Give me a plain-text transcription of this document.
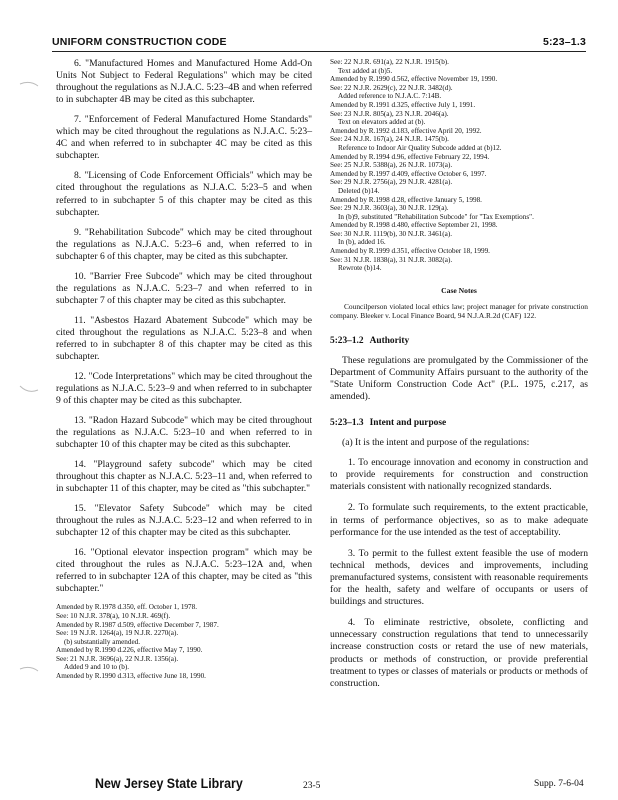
UNIFORM CONSTRUCTION CODE	5:23–1.3

6. "Manufactured Homes and Manufactured Home Add-On Units Not Subject to Federal Regulations" which may be cited throughout the regulations as N.J.A.C. 5:23–4B and when referred to in subchapter 4B may be cited as this subchapter.

7. "Enforcement of Federal Manufactured Home Standards" which may be cited throughout the regulations as N.J.A.C. 5:23–4C and when referred to in subchapter 4C may be cited as this subchapter.

8. "Licensing of Code Enforcement Officials" which may be cited throughout the regulations as N.J.A.C. 5:23–5 and when referred to in subchapter 5 of this chapter may be cited as this subchapter.

9. "Rehabilitation Subcode" which may be cited throughout the regulations as N.J.A.C. 5:23–6 and, when referred to in subchapter 6 of this chapter, may be cited as this subchapter.

10. "Barrier Free Subcode" which may be cited throughout the regulations as N.J.A.C. 5:23–7 and when referred to in subchapter 7 of this chapter may be cited as this subchapter.

11. "Asbestos Hazard Abatement Subcode" which may be cited throughout the regulations as N.J.A.C. 5:23–8 and when referred to in subchapter 8 of this chapter may be cited as this subchapter.

12. "Code Interpretations" which may be cited throughout the regulations as N.J.A.C. 5:23–9 and when referred to in subchapter 9 of this chapter may be cited as this subchapter.

13. "Radon Hazard Subcode" which may be cited throughout the regulations as N.J.A.C. 5:23–10 and when referred to in subchapter 10 of this chapter may be cited as this subchapter.

14. "Playground safety subcode" which may be cited throughout this chapter as N.J.A.C. 5:23–11 and, when referred to in subchapter 11 of this chapter, may be cited as "this subchapter."

15. "Elevator Safety Subcode" which may be cited throughout the rules as N.J.A.C. 5:23–12 and when referred to in subchapter 12 of this chapter may be cited as this subchapter.

16. "Optional elevator inspection program" which may be cited throughout the rules as N.J.A.C. 5:23–12A and, when referred to in subchapter 12A of this chapter, may be cited as "this subchapter."

Amended by R.1978 d.350, eff. October 1, 1978.
See: 10 N.J.R. 378(a), 10 N.J.R. 469(f).
Amended by R.1987 d.509, effective December 7, 1987.
See: 19 N.J.R. 1264(a), 19 N.J.R. 2270(a).
(b) substantially amended.
Amended by R.1990 d.226, effective May 7, 1990.
See: 21 N.J.R. 3696(a), 22 N.J.R. 1356(a).
Added 9 and 10 to (b).
Amended by R.1990 d.313, effective June 18, 1990.
See: 22 N.J.R. 691(a), 22 N.J.R. 1915(b).
Text added at (b)5.
Amended by R.1990 d.562, effective November 19, 1990.
See: 22 N.J.R. 2629(c), 22 N.J.R. 3482(d).
Added reference to N.J.A.C. 7:14B.
Amended by R.1991 d.325, effective July 1, 1991.
See: 23 N.J.R. 805(a), 23 N.J.R. 2046(a).
Text on elevators added at (b).
Amended by R.1992 d.183, effective April 20, 1992.
See: 24 N.J.R. 167(a), 24 N.J.R. 1475(b).
Reference to Indoor Air Quality Subcode added at (b)12.
Amended by R.1994 d.96, effective February 22, 1994.
See: 25 N.J.R. 5388(a), 26 N.J.R. 1073(a).
Amended by R.1997 d.409, effective October 6, 1997.
See: 29 N.J.R. 2756(a), 29 N.J.R. 4281(a).
Deleted (b)14.
Amended by R.1998 d.28, effective January 5, 1998.
See: 29 N.J.R. 3603(a), 30 N.J.R. 129(a).
In (b)9, substituted "Rehabilitation Subcode" for "Tax Exemptions".
Amended by R.1998 d.480, effective September 21, 1998.
See: 30 N.J.R. 1119(b), 30 N.J.R. 3461(a).
In (b), added 16.
Amended by R.1999 d.351, effective October 18, 1999.
See: 31 N.J.R. 1838(a), 31 N.J.R. 3082(a).
Rewrote (b)14.
Case Notes

Councilperson violated local ethics law; project manager for private construction company. Bleeker v. Local Finance Board, 94 N.J.A.R.2d (CAF) 122.

5:23–1.2 Authority

These regulations are promulgated by the Commissioner of the Department of Community Affairs pursuant to the authority of the "State Uniform Construction Code Act" (P.L. 1975, c.217, as amended).

5:23–1.3 Intent and purpose

(a) It is the intent and purpose of the regulations:

1. To encourage innovation and economy in construction and to provide requirements for construction and construction materials consistent with nationally recognized standards.

2. To formulate such requirements, to the extent practicable, in terms of performance objectives, so as to make adequate performance for the use intended as the test of acceptability.

3. To permit to the fullest extent feasible the use of modern technical methods, devices and improvements, including premanufactured systems, consistent with reasonable requirements for the health, safety and welfare of occupants or users of buildings and structures.

4. To eliminate restrictive, obsolete, conflicting and unnecessary construction regulations that tend to unnecessarily increase construction costs or retard the use of new materials, products or methods of construction, or provide preferential treatment to types or classes of materials or products or methods of construction.

New Jersey State Library	23-5	Supp. 7-6-04
